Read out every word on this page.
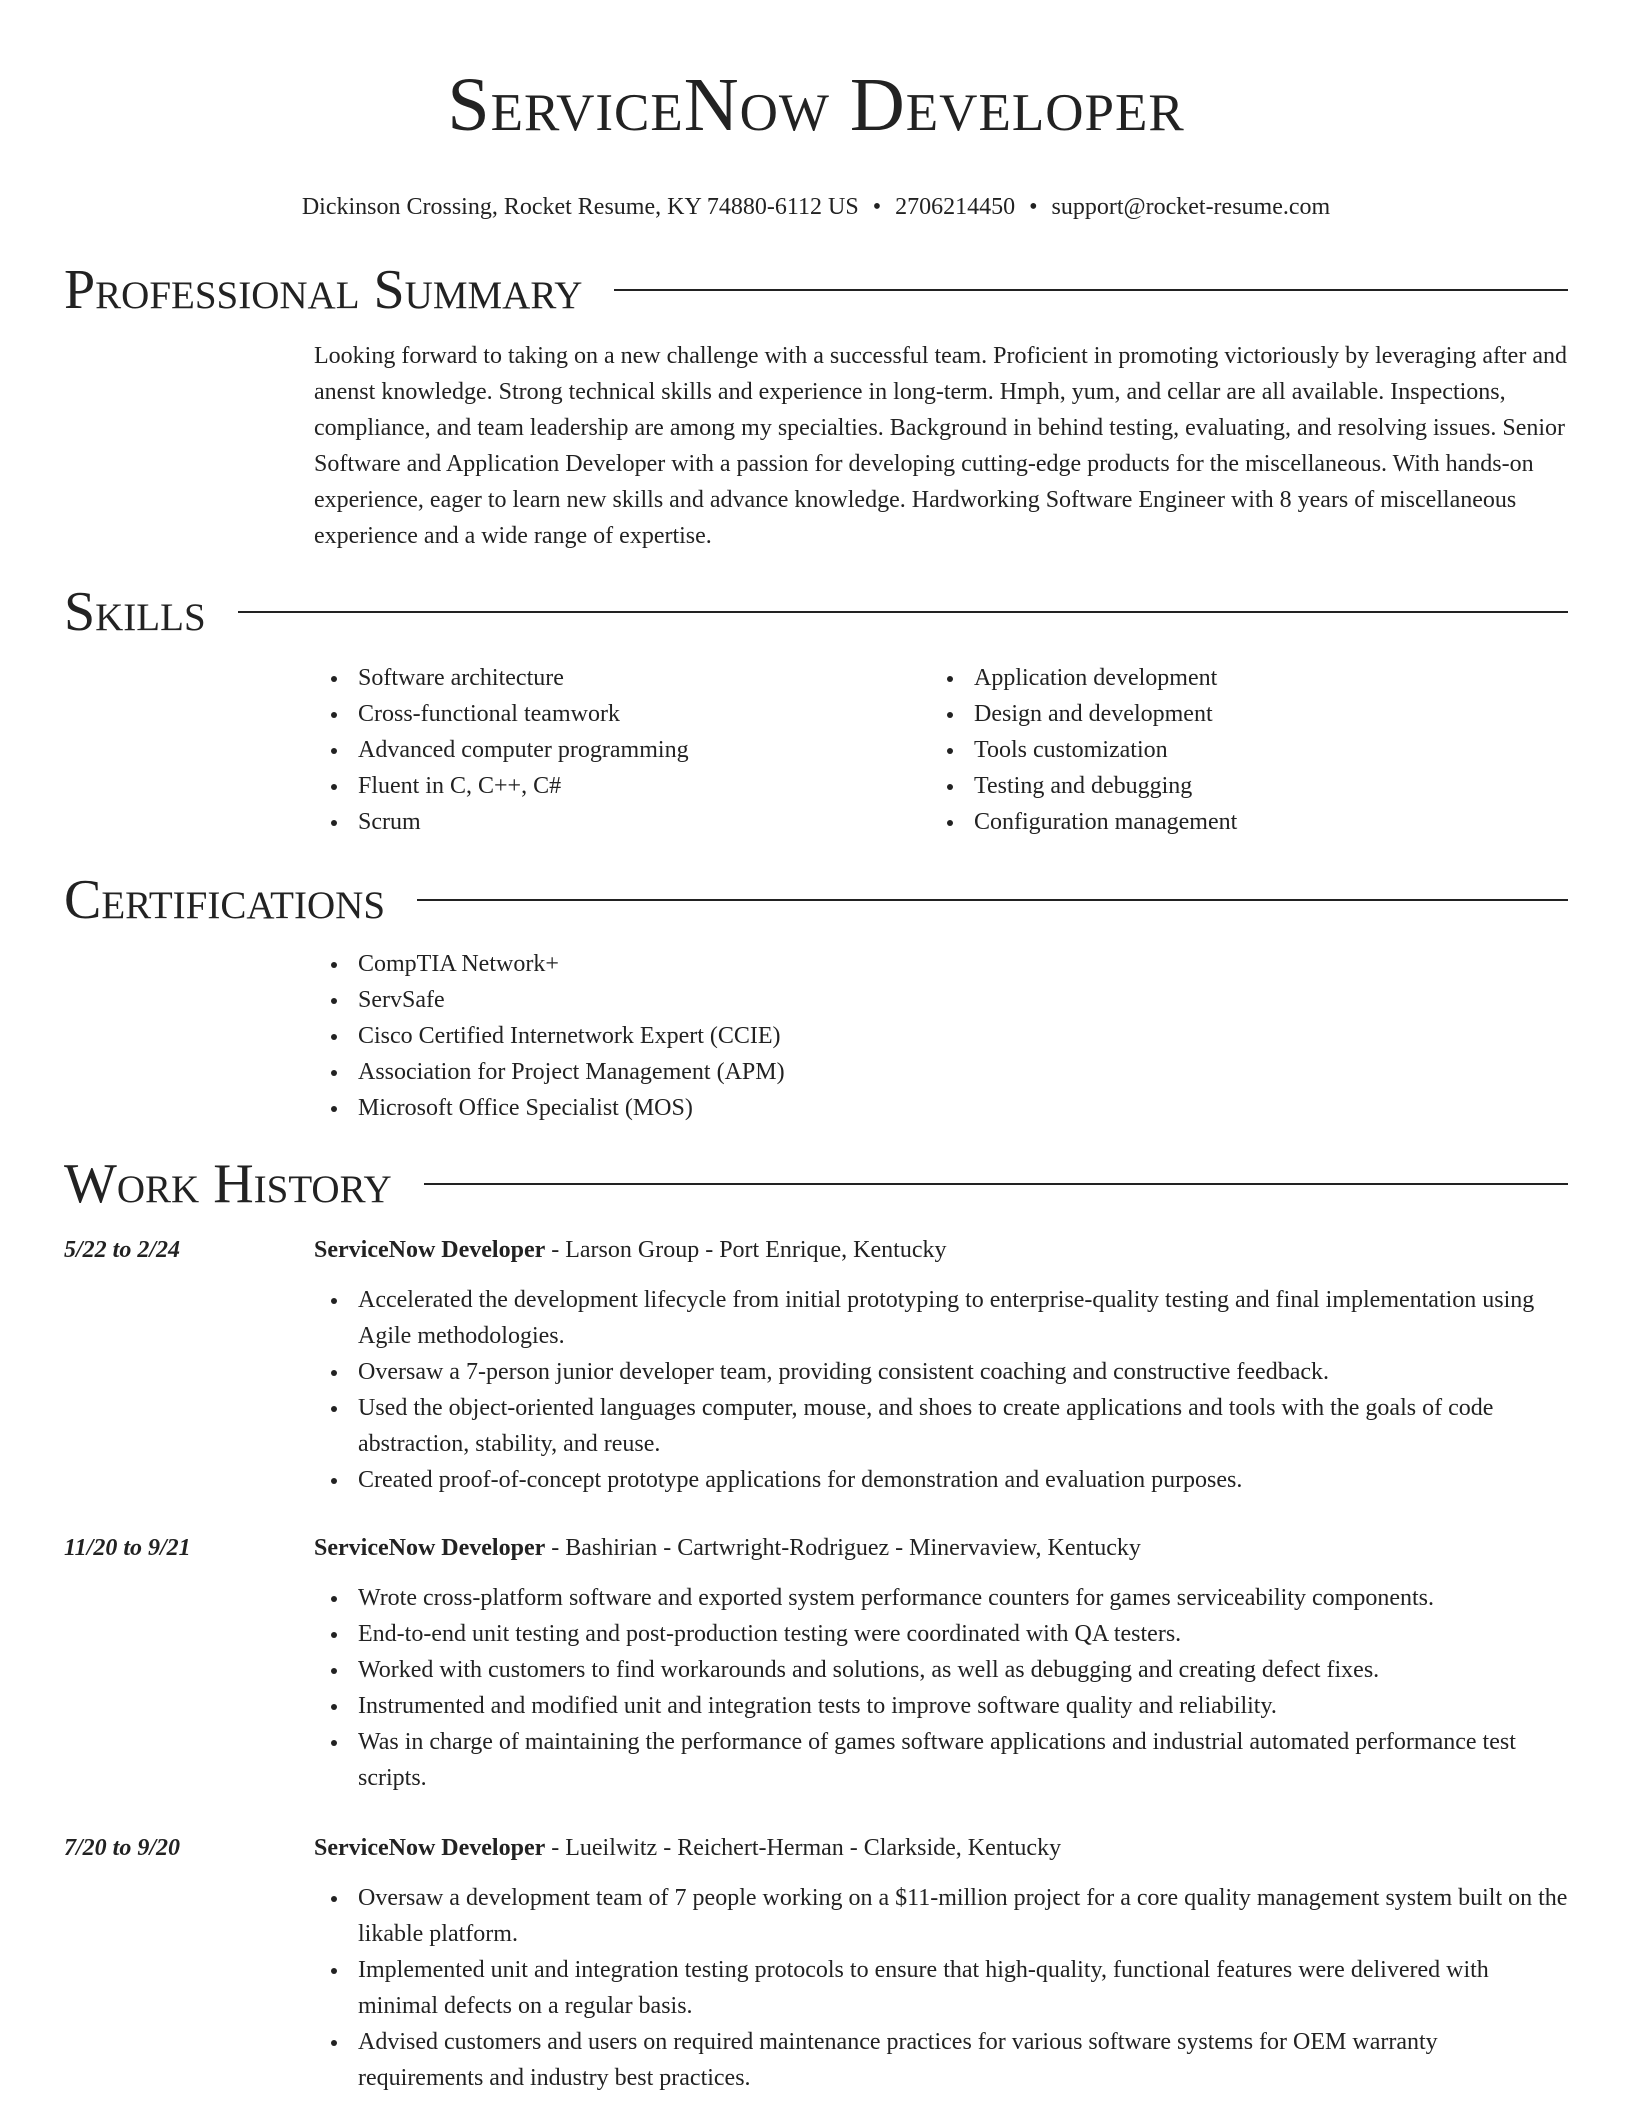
ServiceNow Developer
Dickinson Crossing, Rocket Resume, KY 74880-6112 US • 2706214450 • support@rocket-resume.com
Professional Summary

Looking forward to taking on a new challenge with a successful team. Proficient in promoting victoriously by leveraging after and anenst knowledge. Strong technical skills and experience in long-term. Hmph, yum, and cellar are all available. Inspections, compliance, and team leadership are among my specialties. Background in behind testing, evaluating, and resolving issues. Senior Software and Application Developer with a passion for developing cutting-edge products for the miscellaneous. With hands-on experience, eager to learn new skills and advance knowledge. Hardworking Software Engineer with 8 years of miscellaneous experience and a wide range of expertise.

Skills
Software architecture
Cross-functional teamwork
Advanced computer programming
Fluent in C, C++, C#
Scrum
Application development
Design and development
Tools customization
Testing and debugging
Configuration management
Certifications
CompTIA Network+
ServSafe
Cisco Certified Internetwork Expert (CCIE)
Association for Project Management (APM)
Microsoft Office Specialist (MOS)
Work History
5/22 to 2/24	ServiceNow Developer - Larson Group - Port Enrique, Kentucky
Accelerated the development lifecycle from initial prototyping to enterprise-quality testing and final implementation using Agile methodologies.
Oversaw a 7-person junior developer team, providing consistent coaching and constructive feedback.
Used the object-oriented languages computer, mouse, and shoes to create applications and tools with the goals of code abstraction, stability, and reuse.
Created proof-of-concept prototype applications for demonstration and evaluation purposes.
11/20 to 9/21	ServiceNow Developer - Bashirian - Cartwright-Rodriguez - Minervaview, Kentucky
Wrote cross-platform software and exported system performance counters for games serviceability components.
End-to-end unit testing and post-production testing were coordinated with QA testers.
Worked with customers to find workarounds and solutions, as well as debugging and creating defect fixes.
Instrumented and modified unit and integration tests to improve software quality and reliability.
Was in charge of maintaining the performance of games software applications and industrial automated performance test scripts.
7/20 to 9/20	ServiceNow Developer - Lueilwitz - Reichert-Herman - Clarkside, Kentucky
Oversaw a development team of 7 people working on a $11-million project for a core quality management system built on the likable platform.
Implemented unit and integration testing protocols to ensure that high-quality, functional features were delivered with minimal defects on a regular basis.
Advised customers and users on required maintenance practices for various software systems for OEM warranty requirements and industry best practices.
